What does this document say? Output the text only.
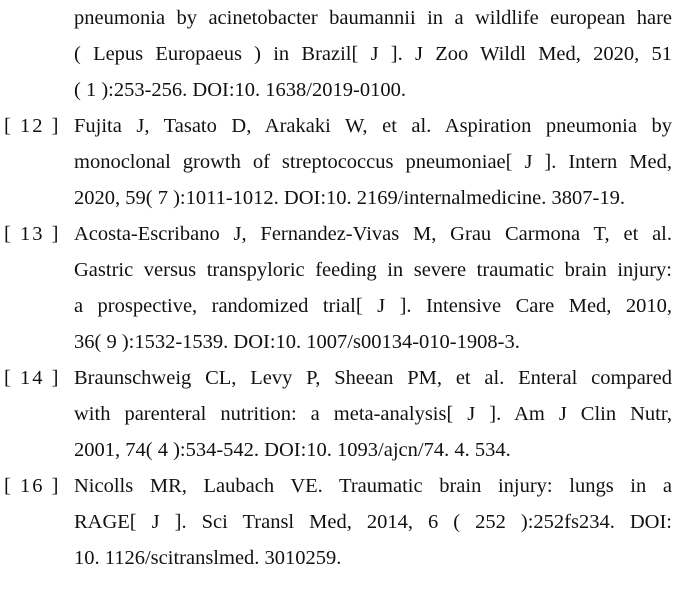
pneumonia by acinetobacter baumannii in a wildlife european hare
( Lepus Europaeus ) in Brazil[ J ]. J Zoo Wildl Med, 2020, 51
( 1 ):253-256. DOI:10. 1638/2019-0100.
[ 12 ] Fujita J, Tasato D, Arakaki W, et al. Aspiration pneumonia by
monoclonal growth of streptococcus pneumoniae[ J ]. Intern Med,
2020, 59( 7 ):1011-1012. DOI:10. 2169/internalmedicine. 3807-19.
[ 13 ] Acosta-Escribano J, Fernandez-Vivas M, Grau Carmona T, et al.
Gastric versus transpyloric feeding in severe traumatic brain injury:
a prospective, randomized trial[ J ]. Intensive Care Med, 2010,
36( 9 ):1532-1539. DOI:10. 1007/s00134-010-1908-3.
[ 14 ] Braunschweig CL, Levy P, Sheean PM, et al. Enteral compared
with parenteral nutrition: a meta-analysis[ J ]. Am J Clin Nutr,
2001, 74( 4 ):534-542. DOI:10. 1093/ajcn/74. 4. 534.
[ 16 ] Nicolls MR, Laubach VE. Traumatic brain injury: lungs in a
RAGE[ J ]. Sci Transl Med, 2014, 6 ( 252 ):252fs234. DOI:
10. 1126/scitranslmed. 3010259.
